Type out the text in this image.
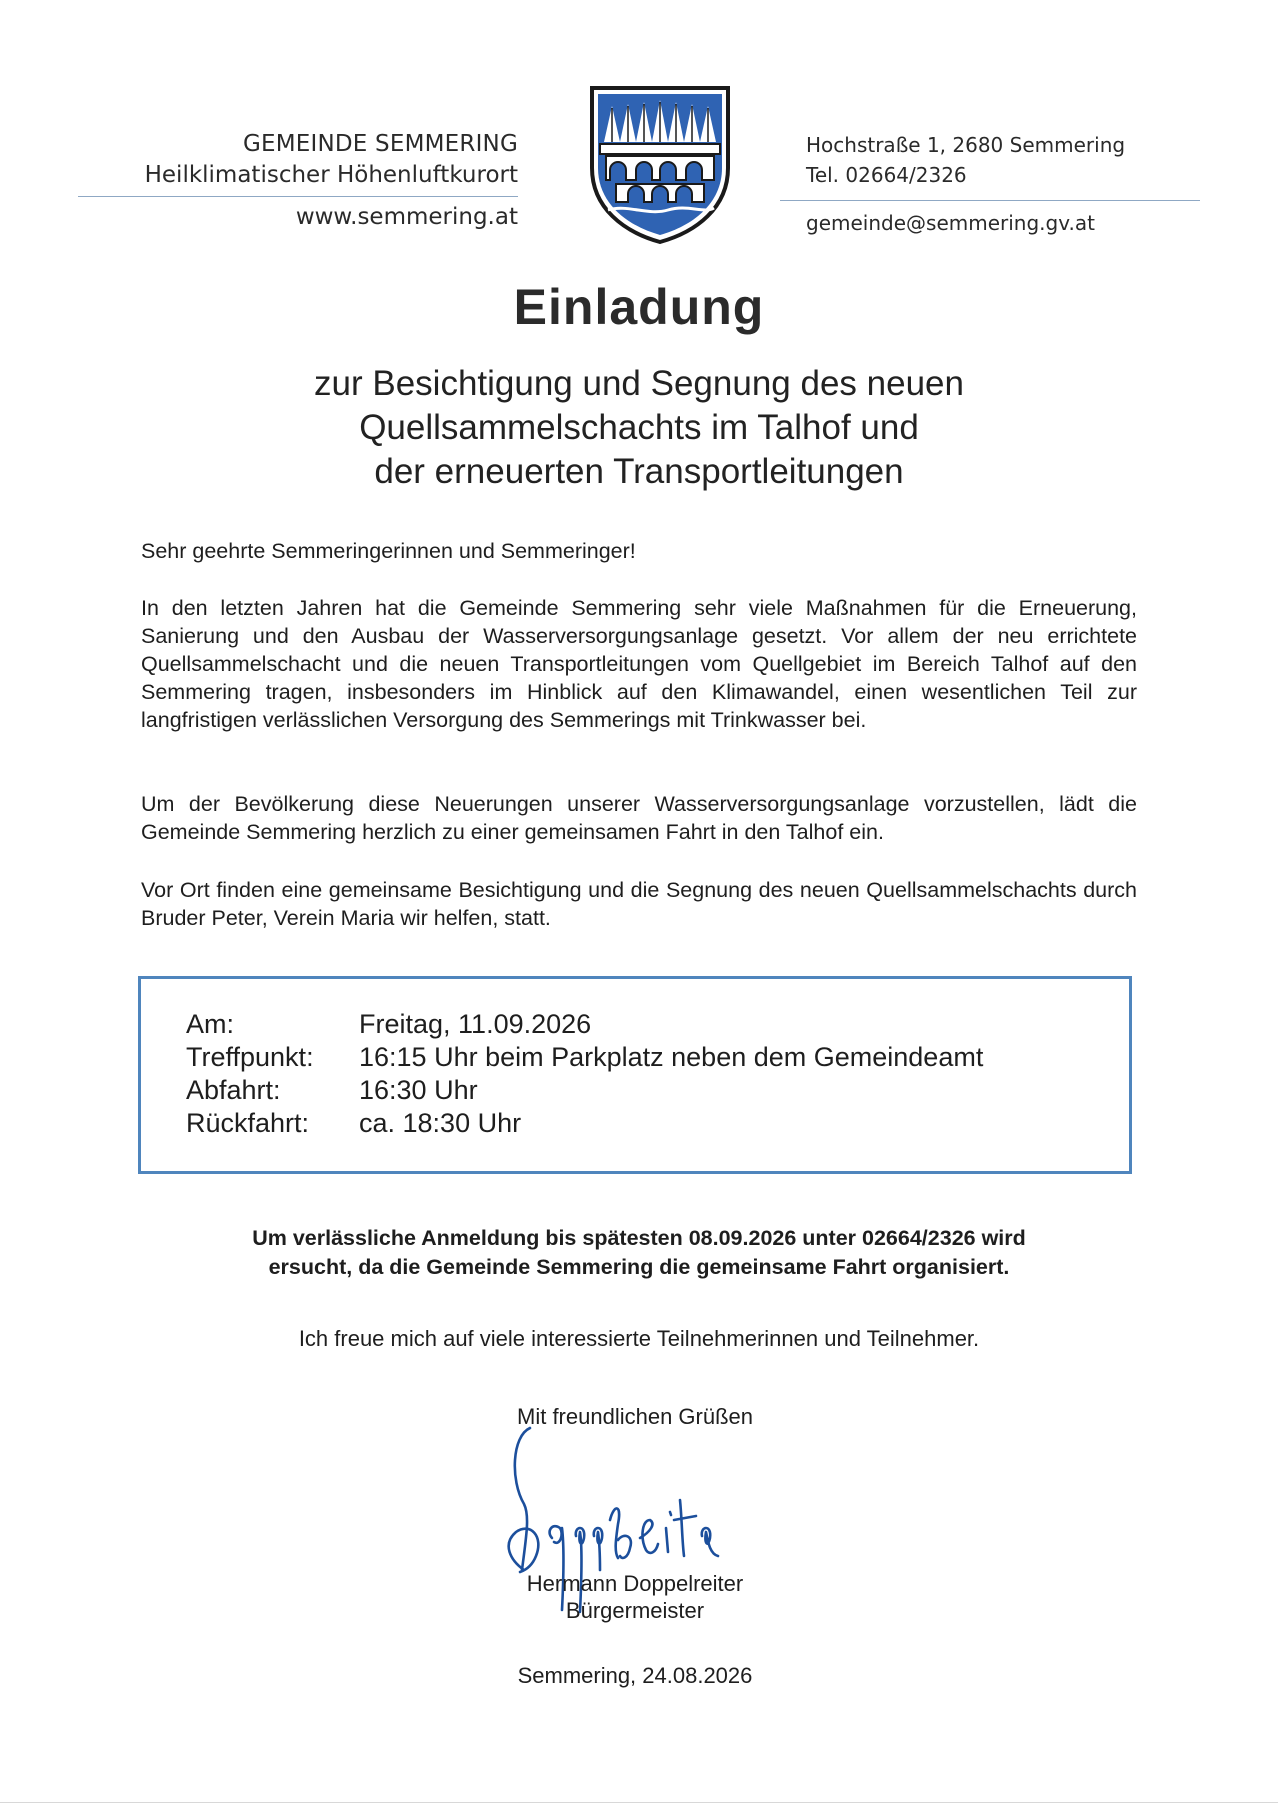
GEMEINDE SEMMERING
Heilklimatischer Höhenluftkurort
www.semmering.at
Hochstraße 1, 2680 Semmering
Tel. 02664/2326
gemeinde@semmering.gv.at
Einladung
zur Besichtigung und Segnung des neuen
Quellsammelschachts im Talhof und
der erneuerten Transportleitungen
Sehr geehrte Semmeringerinnen und Semmeringer!
In den letzten Jahren hat die Gemeinde Semmering sehr viele Maßnahmen für die Erneuerung, Sanierung und den Ausbau der Wasserversorgungsanlage gesetzt. Vor allem der neu errichtete Quellsammelschacht und die neuen Transportleitungen vom Quellgebiet im Bereich Talhof auf den Semmering tragen, insbesonders im Hinblick auf den Klimawandel, einen wesentlichen Teil zur langfristigen verlässlichen Versorgung des Semmerings mit Trinkwasser bei.
Um der Bevölkerung diese Neuerungen unserer Wasserversorgungsanlage vorzustellen, lädt die Gemeinde Semmering herzlich zu einer gemeinsamen Fahrt in den Talhof ein.
Vor Ort finden eine gemeinsame Besichtigung und die Segnung des neuen Quellsammelschachts durch Bruder Peter, Verein Maria wir helfen, statt.
Am:	Freitag, 11.09.2026
Treffpunkt:	16:15 Uhr beim Parkplatz neben dem Gemeindeamt
Abfahrt:	16:30 Uhr
Rückfahrt:	ca. 18:30 Uhr
Um verlässliche Anmeldung bis spätesten 08.09.2026 unter 02664/2326 wird
ersucht, da die Gemeinde Semmering die gemeinsame Fahrt organisiert.
Ich freue mich auf viele interessierte Teilnehmerinnen und Teilnehmer.
Mit freundlichen Grüßen
Hermann Doppelreiter
Bürgermeister
Semmering, 24.08.2026
